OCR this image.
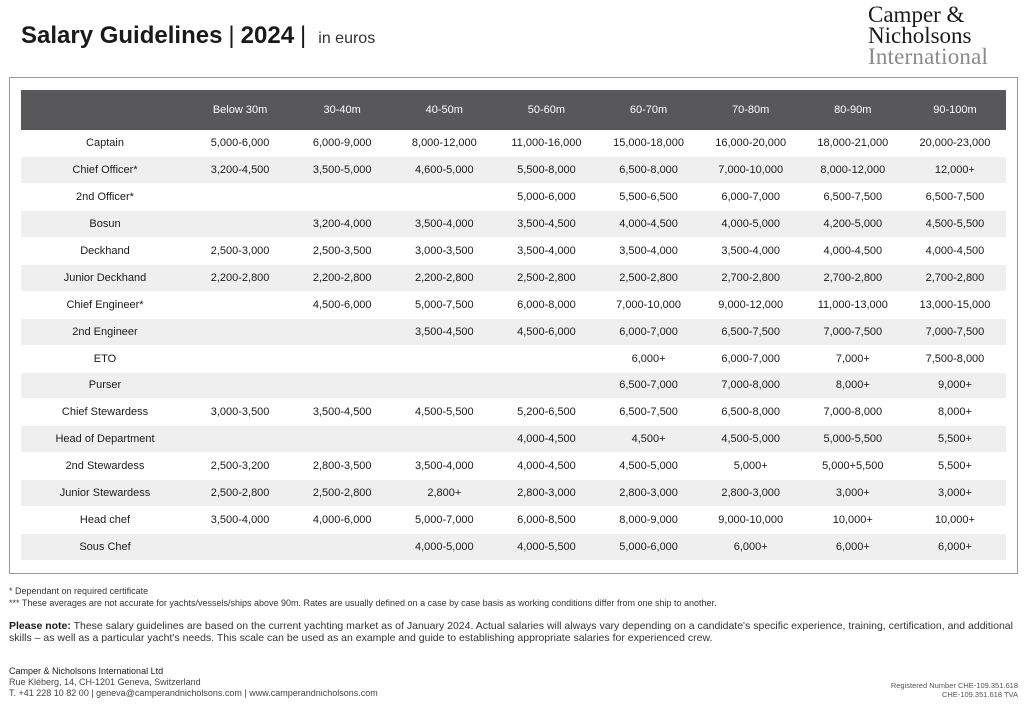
Salary Guidelines | 2024 | in euros
Camper &
Nicholsons
International
	Below 30m	30-40m	40-50m	50-60m	60-70m	70-80m	80-90m	90-100m
Captain	5,000-6,000	6,000-9,000	8,000-12,000	11,000-16,000	15,000-18,000	16,000-20,000	18,000-21,000	20,000-23,000
Chief Officer*	3,200-4,500	3,500-5,000	4,600-5,000	5,500-8,000	6,500-8,000	7,000-10,000	8,000-12,000	12,000+
2nd Officer*				5,000-6,000	5,500-6,500	6,000-7,000	6,500-7,500	6,500-7,500
Bosun		3,200-4,000	3,500-4,000	3,500-4,500	4,000-4,500	4,000-5,000	4,200-5,000	4,500-5,500
Deckhand	2,500-3,000	2,500-3,500	3,000-3,500	3,500-4,000	3,500-4,000	3,500-4,000	4,000-4,500	4,000-4,500
Junior Deckhand	2,200-2,800	2,200-2,800	2,200-2,800	2,500-2,800	2,500-2,800	2,700-2,800	2,700-2,800	2,700-2,800
Chief Engineer*		4,500-6,000	5,000-7,500	6,000-8,000	7,000-10,000	9,000-12,000	11,000-13,000	13,000-15,000
2nd Engineer			3,500-4,500	4,500-6,000	6,000-7,000	6,500-7,500	7,000-7,500	7,000-7,500
ETO					6,000+	6,000-7,000	7,000+	7,500-8,000
Purser					6,500-7,000	7,000-8,000	8,000+	9,000+
Chief Stewardess	3,000-3,500	3,500-4,500	4,500-5,500	5,200-6,500	6,500-7,500	6,500-8,000	7,000-8,000	8,000+
Head of Department				4,000-4,500	4,500+	4,500-5,000	5,000-5,500	5,500+
2nd Stewardess	2,500-3,200	2,800-3,500	3,500-4,000	4,000-4,500	4,500-5,000	5,000+	5,000+5,500	5,500+
Junior Stewardess	2,500-2,800	2,500-2,800	2,800+	2,800-3,000	2,800-3,000	2,800-3,000	3,000+	3,000+
Head chef	3,500-4,000	4,000-6,000	5,000-7,000	6,000-8,500	8,000-9,000	9,000-10,000	10,000+	10,000+
Sous Chef			4,000-5,000	4,000-5,500	5,000-6,000	6,000+	6,000+	6,000+
* Dependant on required certificate
*** These averages are not accurate for yachts/vessels/ships above 90m. Rates are usually defined on a case by case basis as working conditions differ from one ship to another.
Please note: These salary guidelines are based on the current yachting market as of January 2024. Actual salaries will always vary depending on a candidate's specific experience, training, certification, and additional skills – as well as a particular yacht's needs. This scale can be used as an example and guide to establishing appropriate salaries for experienced crew.
Camper & Nicholsons International Ltd
Rue Kléberg, 14, CH-1201 Geneva, Switzerland
T. +41 228 10 82 00 | geneva@camperandnicholsons.com | www.camperandnicholsons.com
Registered Number CHE-109.351.618
CHE-109.351.618 TVA
